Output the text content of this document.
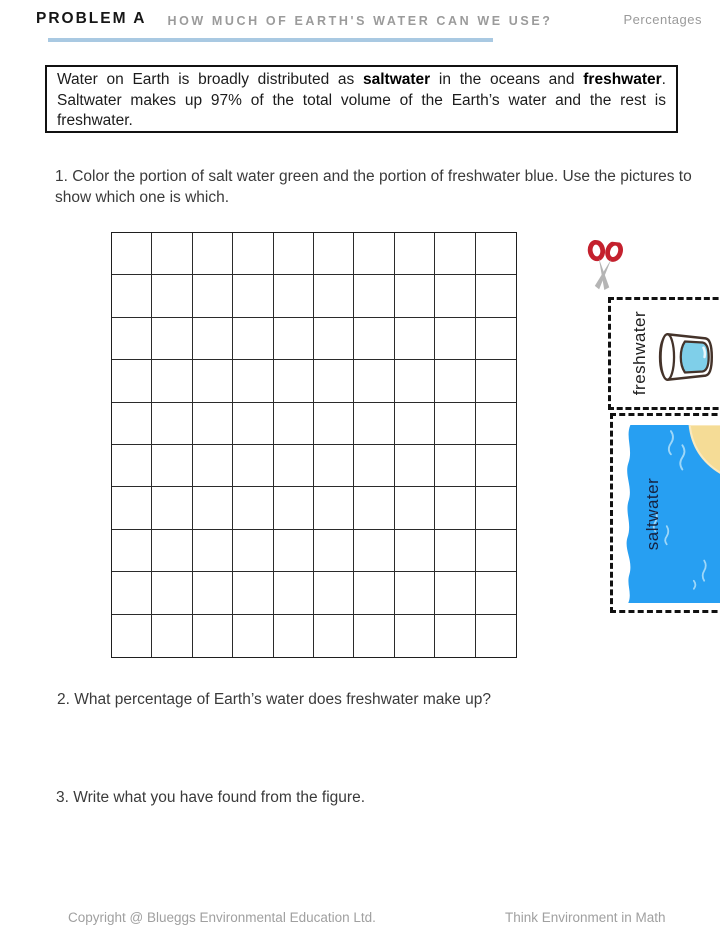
PROBLEM A	HOW MUCH OF EARTH'S WATER CAN WE USE?	Percentages

Water on Earth is broadly distributed as saltwater in the oceans and freshwater. Saltwater makes up 97% of the total volume of the Earth’s water and the rest is freshwater.

1. Color the portion of salt water green and the portion of freshwater blue. Use the pictures to show which one is which.
freshwater
saltwater
2. What percentage of Earth’s water does freshwater make up?
3. Write what you have found from the figure.
Copyright @ Blueggs Environmental Education Ltd.	Think Environment in Math
